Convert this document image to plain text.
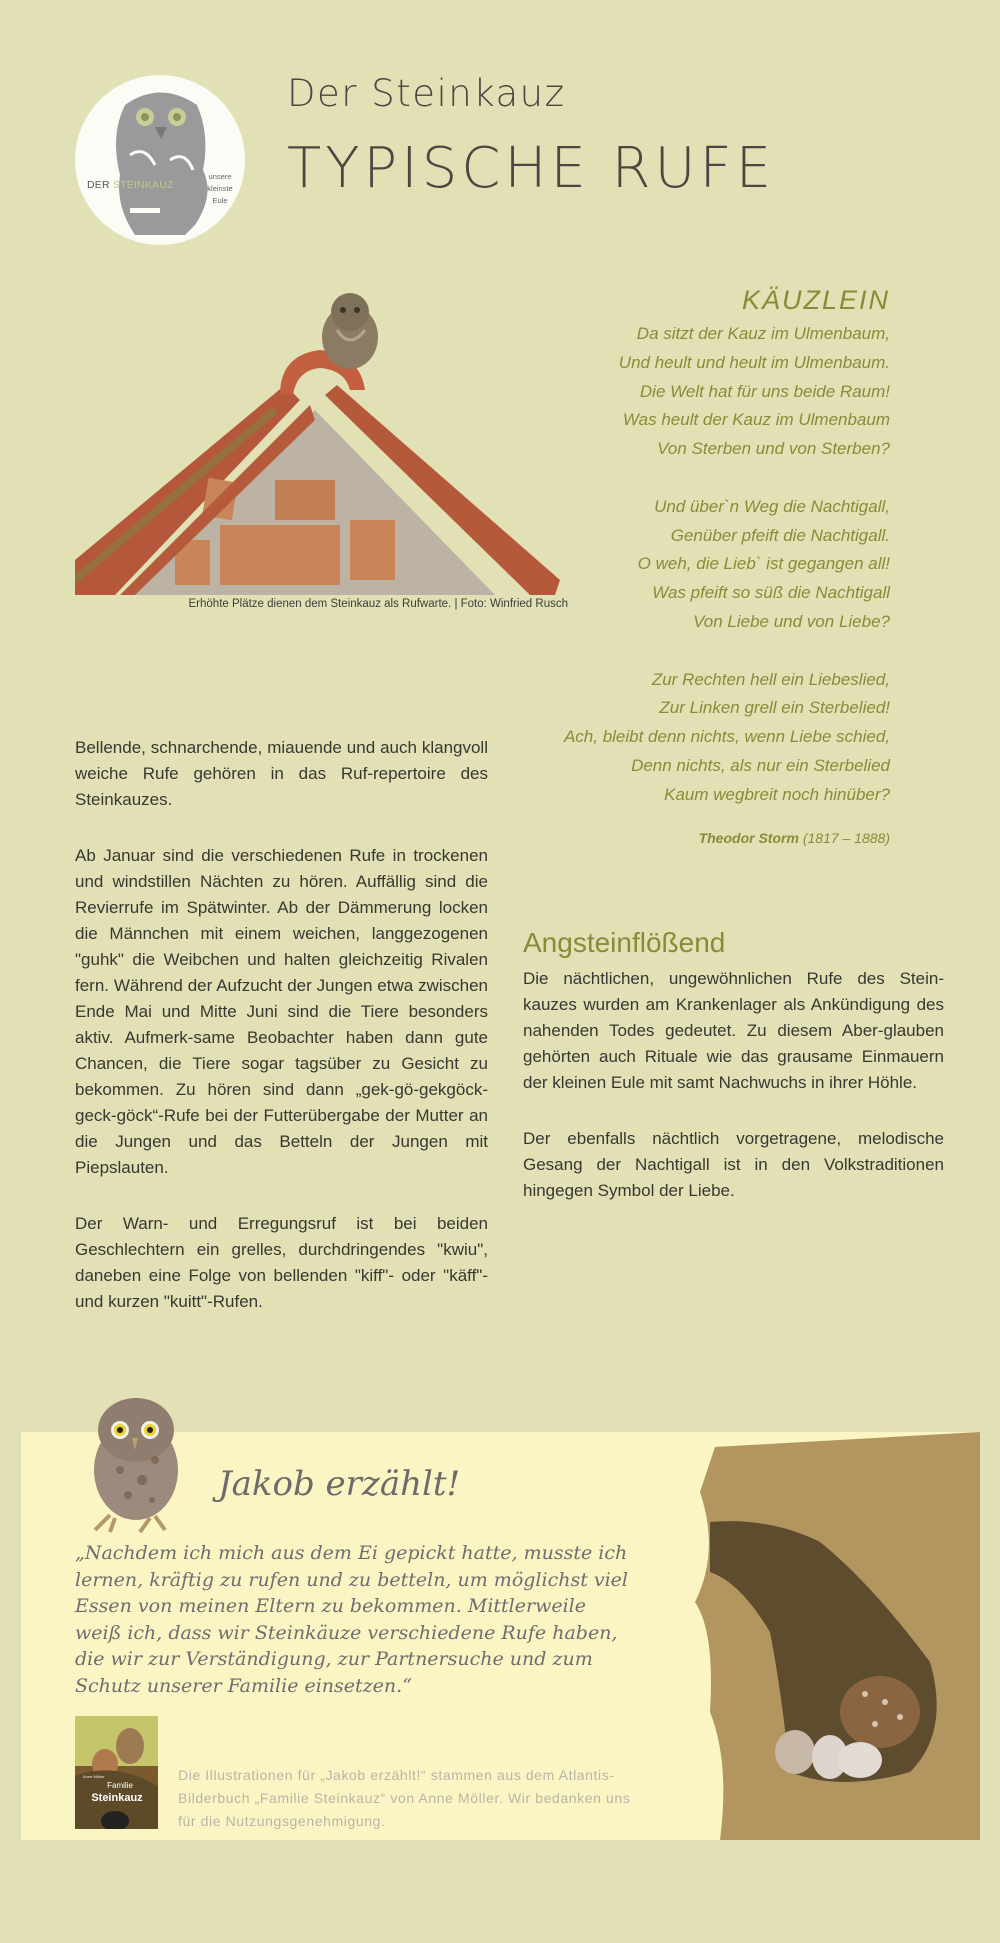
DER STEINKAUZ
unsere
kleinste
Eule
Der Steinkauz
TYPISCHE RUFE
Erhöhte Plätze dienen dem Steinkauz als Rufwarte. | Foto: Winfried Rusch
KÄUZLEIN
Da sitzt der Kauz im Ulmenbaum,
Und heult und heult im Ulmenbaum.
Die Welt hat für uns beide Raum!
Was heult der Kauz im Ulmenbaum
Von Sterben und von Sterben?
Und über`n Weg die Nachtigall,
Genüber pfeift die Nachtigall.
O weh, die Lieb` ist gegangen all!
Was pfeift so süß die Nachtigall
Von Liebe und von Liebe?
Zur Rechten hell ein Liebeslied,
Zur Linken grell ein Sterbelied!
Ach, bleibt denn nichts, wenn Liebe schied,
Denn nichts, als nur ein Sterbelied
Kaum wegbreit noch hinüber?
Theodor Storm (1817 – 1888)

Bellende, schnarchende, miauende und auch klangvoll weiche Rufe gehören in das Ruf-repertoire des Steinkauzes.

Ab Januar sind die verschiedenen Rufe in trockenen und windstillen Nächten zu hören. Auffällig sind die Revierrufe im Spätwinter. Ab der Dämmerung locken die Männchen mit einem weichen, langgezogenen "guhk" die Weibchen und halten gleichzeitig Rivalen fern. Während der Aufzucht der Jungen etwa zwischen Ende Mai und Mitte Juni sind die Tiere besonders aktiv. Aufmerk-same Beobachter haben dann gute Chancen, die Tiere sogar tagsüber zu Gesicht zu bekommen. Zu hören sind dann „gek-gö-gekgöck-geck-göck“-Rufe bei der Futterübergabe der Mutter an die Jungen und das Betteln der Jungen mit Piepslauten.

Der Warn- und Erregungsruf ist bei beiden Geschlechtern ein grelles, durchdringendes "kwiu", daneben eine Folge von bellenden "kiff"- oder "käff"- und kurzen "kuitt"-Rufen.

Angsteinflößend

Die nächtlichen, ungewöhnlichen Rufe des Stein-kauzes wurden am Krankenlager als Ankündigung des nahenden Todes gedeutet. Zu diesem Aber-glauben gehörten auch Rituale wie das grausame Einmauern der kleinen Eule mit samt Nachwuchs in ihrer Höhle.

Der ebenfalls nächtlich vorgetragene, melodische Gesang der Nachtigall ist in den Volkstraditionen hingegen Symbol der Liebe.

Jakob erzählt!
„Nachdem ich mich aus dem Ei gepickt hatte, musste ich lernen, kräftig zu rufen und zu betteln, um möglichst viel Essen von meinen Eltern zu bekommen. Mittlerweile weiß ich, dass wir Steinkäuze verschiedene Rufe haben, die wir zur Verständigung, zur Partnersuche und zum Schutz unserer Familie einsetzen.“
Familie
Steinkauz
Anne Möller	Die Illustrationen für „Jakob erzählt!“ stammen aus dem Atlantis-Bilderbuch „Familie Steinkauz“ von Anne Möller. Wir bedanken uns für die Nutzungsgenehmigung.
